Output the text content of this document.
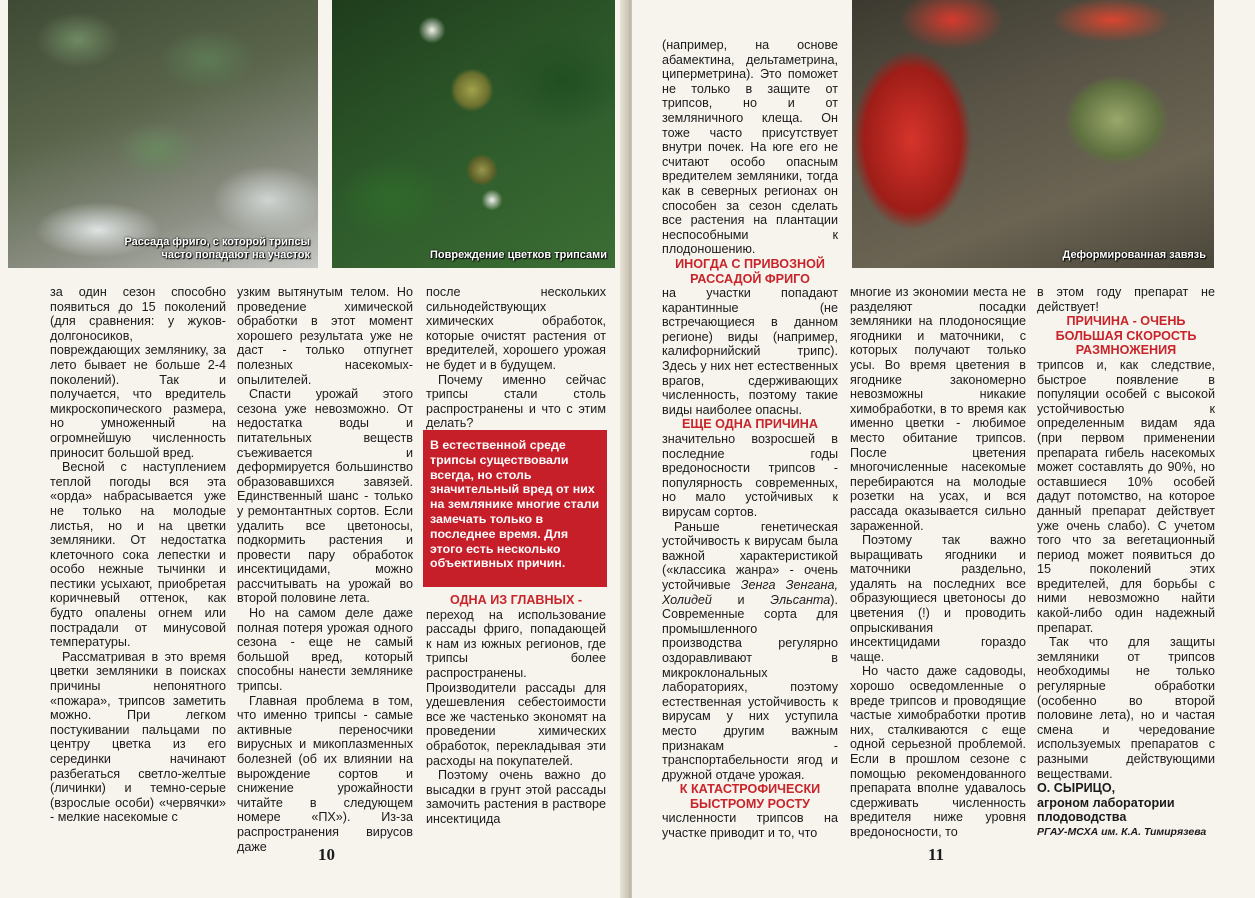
Рассада фриго, с которой трипсы
часто попадают на участок	Повреждение цветков трипсами

за один сезон способно появиться до 15 поколений (для сравнения: у жуков-долгоносиков, повреждающих землянику, за лето бывает не больше 2-4 поколений). Так и получается, что вредитель микроскопического размера, но умноженный на огромнейшую численность приносит большой вред.

Весной с наступлением теплой погоды вся эта «орда» набрасывается уже не только на молодые листья, но и на цветки земляники. От недостатка клеточного сока лепестки и особо нежные тычинки и пестики усыхают, приобретая коричневый оттенок, как будто опалены огнем или пострадали от минусовой температуры.

Рассматривая в это время цветки земляники в поисках причины непонятного «пожара», трипсов заметить можно. При легком постукивании пальцами по центру цветка из его серединки начинают разбегаться светло-желтые (личинки) и темно-серые (взрослые особи) «червячки» - мелкие насекомые с

узким вытянутым телом. Но проведение химической обработки в этот момент хорошего результата уже не даст - только отпугнет полезных насекомых-опылителей.

Спасти урожай этого сезона уже невозможно. От недостатка воды и питательных веществ съеживается и деформируется большинство образовавшихся завязей. Единственный шанс - только у ремонтантных сортов. Если удалить все цветоносы, подкормить растения и провести пару обработок инсектицидами, можно рассчитывать на урожай во второй половине лета.

Но на самом деле даже полная потеря урожая одного сезона - еще не самый большой вред, который способны нанести землянике трипсы.

Главная проблема в том, что именно трипсы - самые активные переносчики вирусных и микоплазменных болезней (об их влиянии на вырождение сортов и снижение урожайности читайте в следующем номере «ПХ»). Из-за распространения вирусов даже

после нескольких сильнодействующих химических обработок, которые очистят растения от вредителей, хорошего урожая не будет и в будущем.

Почему именно сейчас трипсы стали столь распространены и что с этим делать?

В естественной среде трипсы существовали всегда, но столь значительный вред от них на землянике многие стали замечать только в последнее время. Для этого есть несколько объективных причин.
ОДНА ИЗ ГЛАВНЫХ -

переход на использование рассады фриго, попадающей к нам из южных регионов, где трипсы более распространены. Производители рассады для удешевления себестоимости все же частенько экономят на проведении химических обработок, перекладывая эти расходы на покупателей.

Поэтому очень важно до высадки в грунт этой рассады замочить растения в растворе инсектицида

10

(например, на основе абамектина, дельтаметрина, циперметрина). Это поможет не только в защите от трипсов, но и от земляничного клеща. Он тоже часто присутствует внутри почек. На юге его не считают особо опасным вредителем земляники, тогда как в северных регионах он способен за сезон сделать все растения на плантации неспособными к плодоношению.

ИНОГДА С ПРИВОЗНОЙ РАССАДОЙ ФРИГО

на участки попадают карантинные (не встречающиеся в данном регионе) виды (например, калифорнийский трипс). Здесь у них нет естественных врагов, сдерживающих численность, поэтому такие виды наиболее опасны.

ЕЩЕ ОДНА ПРИЧИНА

значительно возросшей в последние годы вредоносности трипсов - популярность современных, но мало устойчивых к вирусам сортов.

Раньше генетическая устойчивость к вирусам была важной характеристикой («классика жанра» - очень устойчивые Зенга Зенгана, Холидей и Эльсанта). Современные сорта для промышленного производства регулярно оздоравливают в микроклональных лабораториях, поэтому естественная устойчивость к вирусам у них уступила место другим важным признакам - транспортабельности ягод и дружной отдаче урожая.

К КАТАСТРОФИЧЕСКИ БЫСТРОМУ РОСТУ

численности трипсов на участке приводит и то, что

Деформированная завязь

многие из экономии места не разделяют посадки земляники на плодоносящие ягодники и маточники, с которых получают только усы. Во время цветения в ягоднике закономерно невозможны никакие химобработки, в то время как именно цветки - любимое место обитание трипсов. После цветения многочисленные насекомые перебираются на молодые розетки на усах, и вся рассада оказывается сильно зараженной.

Поэтому так важно выращивать ягодники и маточники раздельно, удалять на последних все образующиеся цветоносы до цветения (!) и проводить опрыскивания инсектицидами гораздо чаще.

Но часто даже садоводы, хорошо осведомленные о вреде трипсов и проводящие частые химобработки против них, сталкиваются с еще одной серьезной проблемой. Если в прошлом сезоне с помощью рекомендованного препарата вполне удавалось сдерживать численность вредителя ниже уровня вредоносности, то

в этом году препарат не действует!

ПРИЧИНА - ОЧЕНЬ БОЛЬШАЯ СКОРОСТЬ РАЗМНОЖЕНИЯ

трипсов и, как следствие, быстрое появление в популяции особей с высокой устойчивостью к определенным видам яда (при первом применении препарата гибель насекомых может составлять до 90%, но оставшиеся 10% особей дадут потомство, на которое данный препарат действует уже очень слабо). С учетом того что за вегетационный период может появиться до 15 поколений этих вредителей, для борьбы с ними невозможно найти какой-либо один надежный препарат.

Так что для защиты земляники от трипсов необходимы не только регулярные обработки (особенно во второй половине лета), но и частая смена и чередование используемых препаратов с разными действующими веществами.

О. СЫРИЦО,
агроном лаборатории
плодоводства
РГАУ-МСХА им. К.А. Тимирязева
11
